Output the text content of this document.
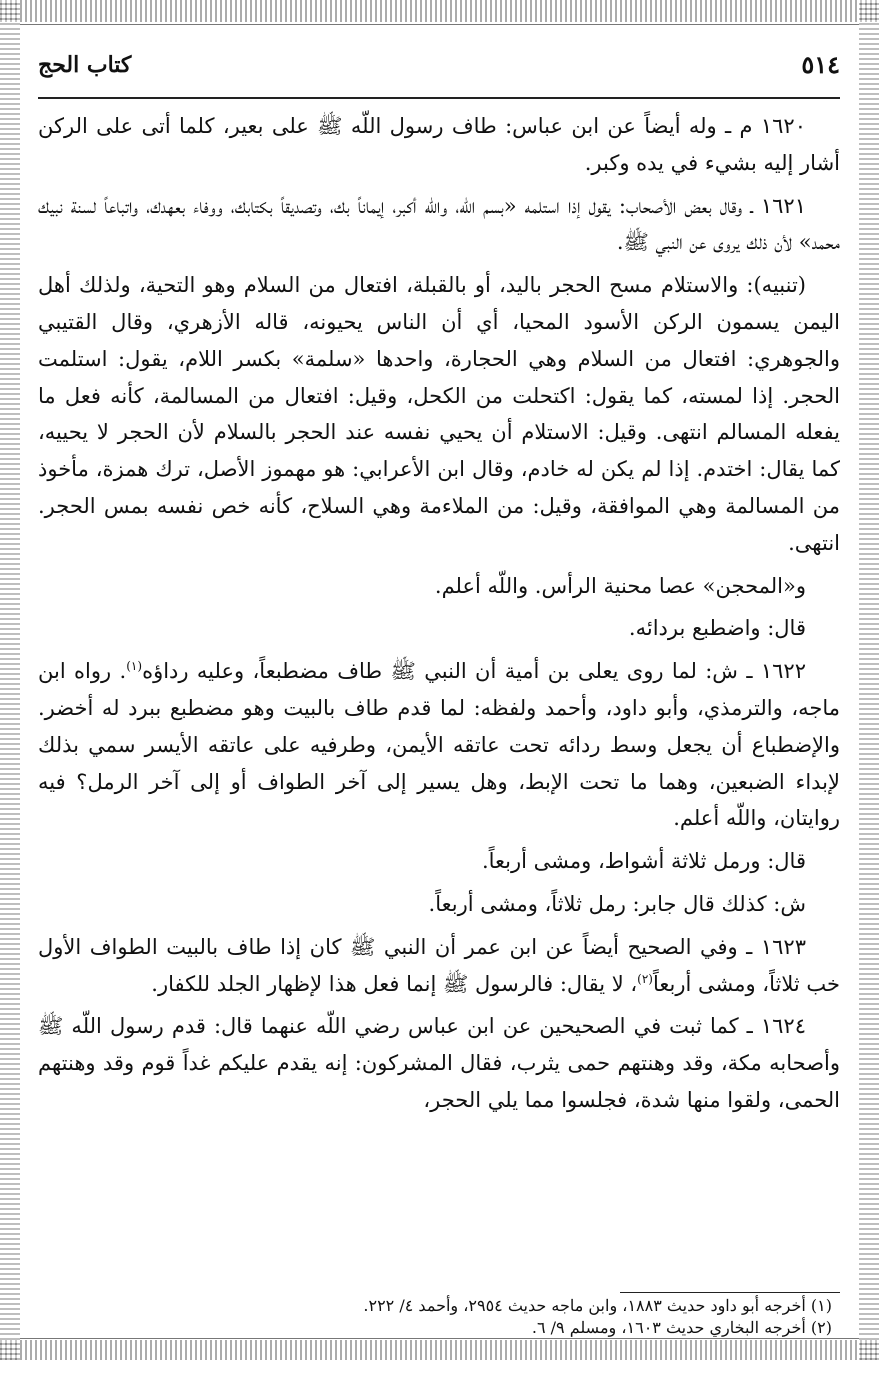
٥١٤
كتاب الحج

١٦٢٠ م ـ وله أيضاً عن ابن عباس: طاف رسول اللّه ﷺ على بعير، كلما أتى على الركن أشار إليه بشيء في يده وكبر.

١٦٢١ ـ وقال بعض الأصحاب: يقول إذا استلمه «بسم اللّه، واللّه أكبر، إيماناً بك، وتصديقاً بكتابك، ووفاء بعهدك، واتباعاً لسنة نبيك محمد» لأن ذلك يروى عن النبي ﷺ.

(تنبيه): والاستلام مسح الحجر باليد، أو بالقبلة، افتعال من السلام وهو التحية، ولذلك أهل اليمن يسمون الركن الأسود المحيا، أي أن الناس يحيونه، قاله الأزهري، وقال القتيبي والجوهري: افتعال من السلام وهي الحجارة، واحدها «سلمة» بكسر اللام، يقول: استلمت الحجر. إذا لمسته، كما يقول: اكتحلت من الكحل، وقيل: افتعال من المسالمة، كأنه فعل ما يفعله المسالم انتهى. وقيل: الاستلام أن يحيي نفسه عند الحجر بالسلام لأن الحجر لا يحييه، كما يقال: اختدم. إذا لم يكن له خادم، وقال ابن الأعرابي: هو مهموز الأصل، ترك همزة، مأخوذ من المسالمة وهي الموافقة، وقيل: من الملاءمة وهي السلاح، كأنه خص نفسه بمس الحجر. انتهى.

و«المحجن» عصا محنية الرأس. واللّه أعلم.

قال: واضطبع بردائه.

١٦٢٢ ـ ش: لما روى يعلى بن أمية أن النبي ﷺ طاف مضطبعاً، وعليه رداؤه$^{(١)}$. رواه ابن ماجه، والترمذي، وأبو داود، وأحمد ولفظه: لما قدم طاف بالبيت وهو مضطبع ببرد له أخضر. والإضطباع أن يجعل وسط ردائه تحت عاتقه الأيمن، وطرفيه على عاتقه الأيسر سمي بذلك لإبداء الضبعين، وهما ما تحت الإبط، وهل يسير إلى آخر الطواف أو إلى آخر الرمل؟ فيه روايتان، واللّه أعلم.

قال: ورمل ثلاثة أشواط، ومشى أربعاً.

ش: كذلك قال جابر: رمل ثلاثاً، ومشى أربعاً.

١٦٢٣ ـ وفي الصحيح أيضاً عن ابن عمر أن النبي ﷺ كان إذا طاف بالبيت الطواف الأول خب ثلاثاً، ومشى أربعاً$^{(٢)}$، لا يقال: فالرسول ﷺ إنما فعل هذا لإظهار الجلد للكفار.

١٦٢٤ ـ كما ثبت في الصحيحين عن ابن عباس رضي اللّه عنهما قال: قدم رسول اللّه ﷺ وأصحابه مكة، وقد وهنتهم حمى يثرب، فقال المشركون: إنه يقدم عليكم غداً قوم وقد وهنتهم الحمى، ولقوا منها شدة، فجلسوا مما يلي الحجر،

(١) أخرجه أبو داود حديث ١٨٨٣، وابن ماجه حديث ٢٩٥٤، وأحمد ٤/ ٢٢٢.
(٢) أخرجه البخاري حديث ١٦٠٣، ومسلم ٩/ ٦.
